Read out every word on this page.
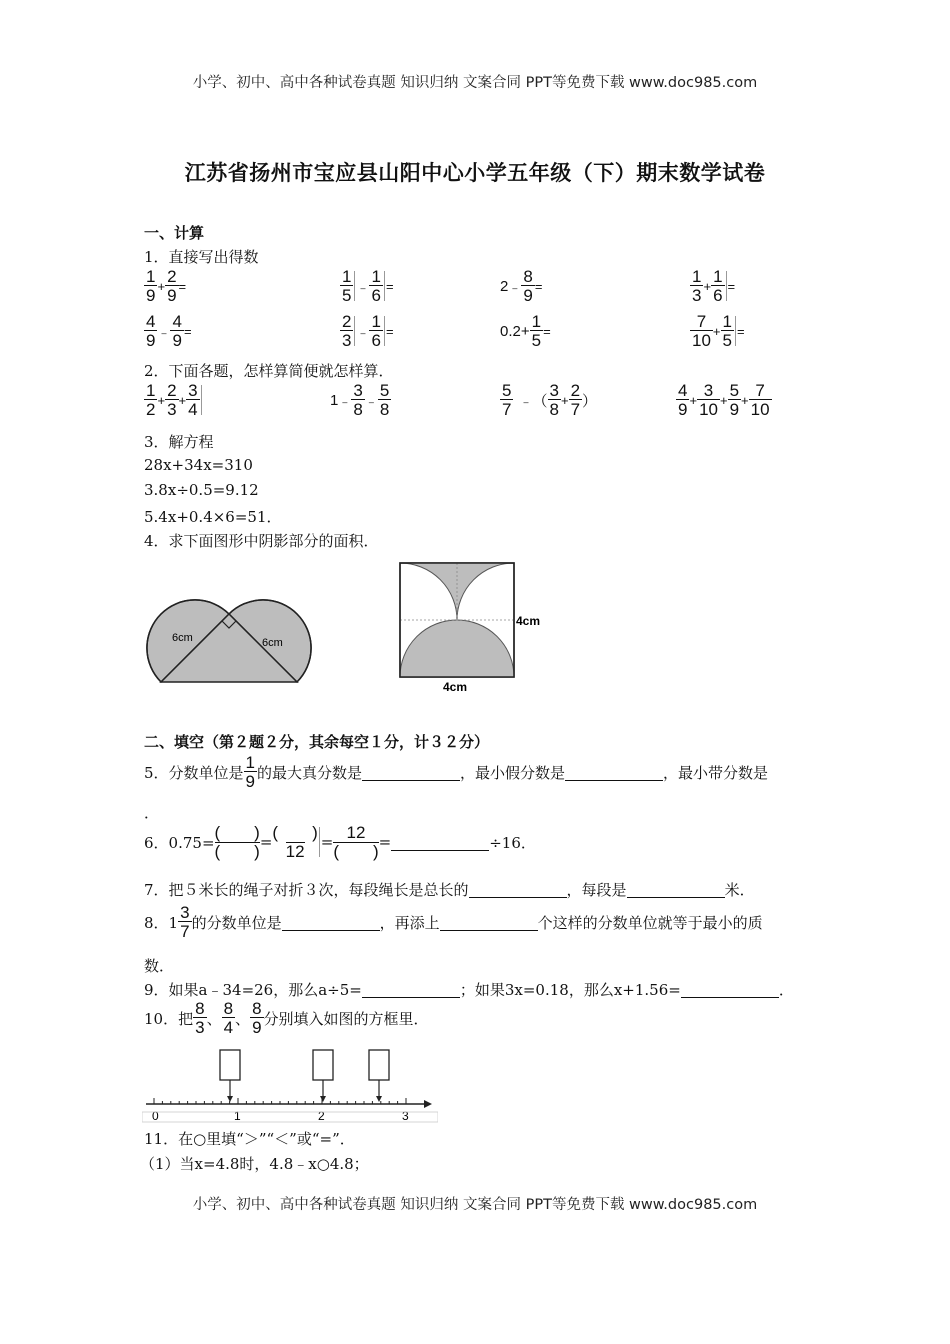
小学、初中、高中各种试卷真题 知识归纳 文案合同 PPT等免费下载 www.doc985.com
江苏省扬州市宝应县山阳中心小学五年级（下）期末数学试卷
一、计算
1．直接写出得数
$\frac{1}{9} + \frac{2}{9}$ =	$\frac{1}{5}$ ﹣ $\frac{1}{6}$ =	2 ﹣ $\frac{8}{9}$ =	$\frac{1}{3} + \frac{1}{6}$ =
$\frac{4}{9}$ ﹣ $\frac{4}{9}$ =	$\frac{2}{3}$ ﹣ $\frac{1}{6}$ =	$0.2+ \frac{1}{5}$ =	$\frac{7}{10} + \frac{1}{5}$ =
2．下面各题，怎样算简便就怎样算．
$\frac{1}{2} + \frac{2}{3} + \frac{3}{4}$	1 ﹣ $\frac{3}{8}$ ﹣ $\frac{5}{8}$	$\frac{5}{7}$ ﹣ （ $\frac{3}{8} + \frac{2}{7}$ ）	$\frac{4}{9} + \frac{3}{10} + \frac{5}{9} + \frac{7}{10}$
3．解方程
28x+34x=310
3.8x÷0.5=9.12
5.4x+0.4×6=51．
4．求下面图形中阴影部分的面积．
6cm	6cm
4cm
4cm
二、填空（第２题２分，其余每空１分，计３２分）
5．分数单位是 $\frac{1}{9}$ 的最大真分数是	，最小假分数是	，最小带分数是
．
6．0.75=
(　　)
(　　) =
(　　)
12 =
12
(　　) =	÷16．
7．把５米长的绳子对折３次，每段绳长是总长的	，每段是	米．
8．$1 \frac{3}{7}$ 的分数单位是	，再添上	个这样的分数单位就等于最小的质
数．
9．如果a﹣34=26，那么a÷5=	；如果3x=0.18，那么x+1.56=	．
10．把 $\frac{8}{3}$ 、 $\frac{8}{4}$ 、 $\frac{8}{9}$ 分别填入如图的方框里．
0	1	2	3
11．在○里填“＞”“＜”或“=”．
（1）当x=4.8时，4.8﹣x○4.8；
小学、初中、高中各种试卷真题 知识归纳 文案合同 PPT等免费下载 www.doc985.com
